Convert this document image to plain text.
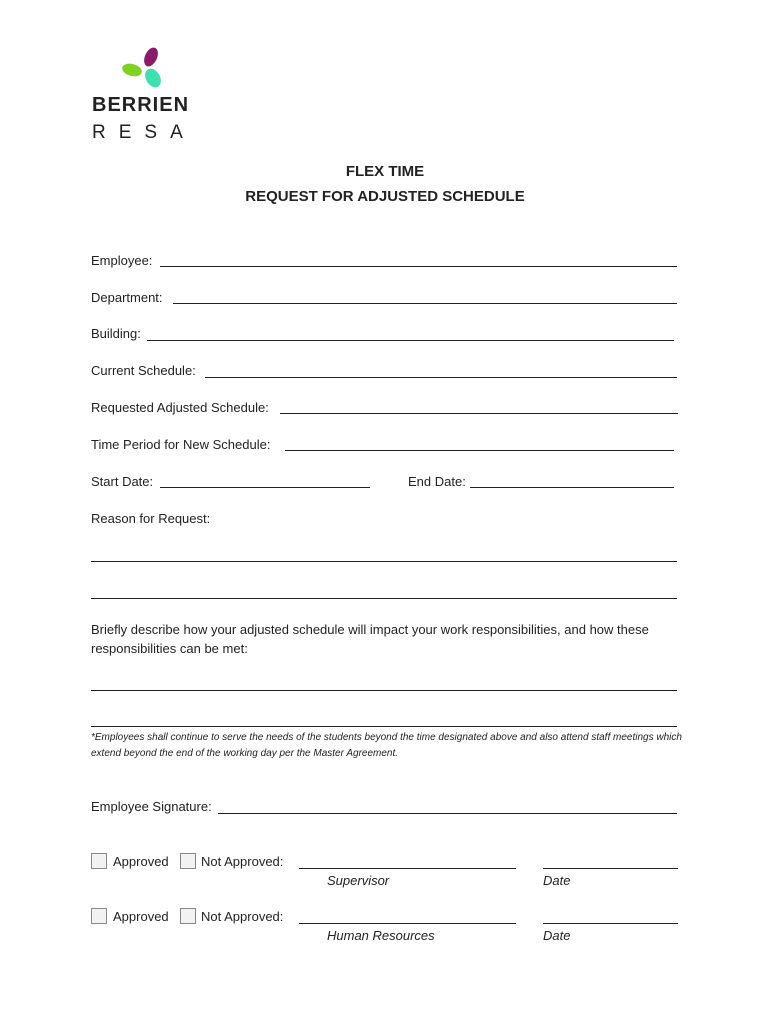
BERRIEN
RESA
FLEX TIME
REQUEST FOR ADJUSTED SCHEDULE
Employee:
Department:
Building:
Current Schedule:
Requested Adjusted Schedule:
Time Period for New Schedule:
Start Date:	End Date:
Reason for Request:
Briefly describe how your adjusted schedule will impact your work responsibilities, and how these responsibilities can be met:
*Employees shall continue to serve the needs of the students beyond the time designated above and also attend staff meetings which extend beyond the end of the working day per the Master Agreement.
Employee Signature:
Approved Not Approved:
Supervisor	Date
Approved Not Approved:
Human Resources	Date
